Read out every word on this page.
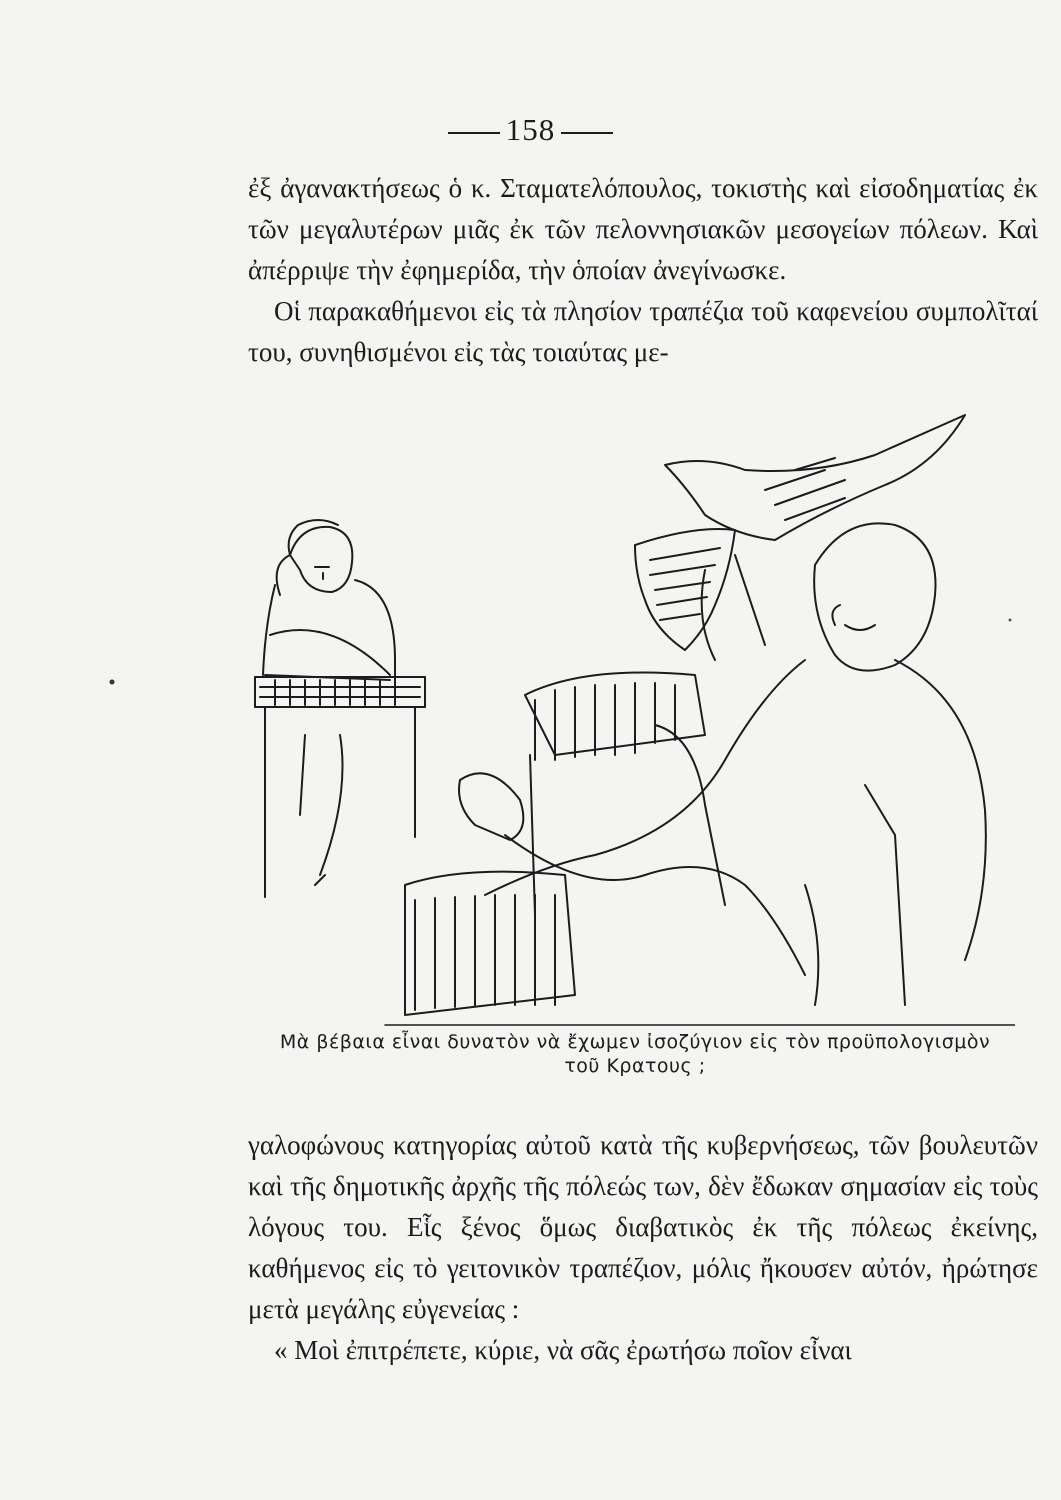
158

ἐξ ἀγανακτήσεως ὁ κ. Σταματελόπουλος, τοκιστὴς καὶ εἰσοδηματίας ἐκ τῶν μεγαλυτέρων μιᾶς ἐκ τῶν πελοννησιακῶν μεσογείων πόλεων. Καὶ ἀπέρριψε τὴν ἐφημερίδα, τὴν ὁποίαν ἀνεγίνωσκε.

Οἱ παρακαθήμενοι εἰς τὰ πλησίον τραπέζια τοῦ καφενείου συμπολῖταί του, συνηθισμένοι εἰς τὰς τοιαύτας με-

Μὰ βέβαια εἶναι δυνατὸν νὰ ἔχωμεν ἰσοζύγιον εἰς τὸν προϋπολογισμὸν
τοῦ Κρατους ;

γαλοφώνους κατηγορίας αὐτοῦ κατὰ τῆς κυβερνήσεως, τῶν βουλευτῶν καὶ τῆς δημοτικῆς ἀρχῆς τῆς πόλεώς των, δὲν ἔδωκαν σημασίαν εἰς τοὺς λόγους του. Εἷς ξένος ὅμως διαβατικὸς ἐκ τῆς πόλεως ἐκείνης, καθήμενος εἰς τὸ γειτονικὸν τραπέζιον, μόλις ἤκουσεν αὐτόν, ἠρώτησε μετὰ μεγάλης εὐγενείας :

« Μοὶ ἐπιτρέπετε, κύριε, νὰ σᾶς ἐρωτήσω ποῖον εἶναι
